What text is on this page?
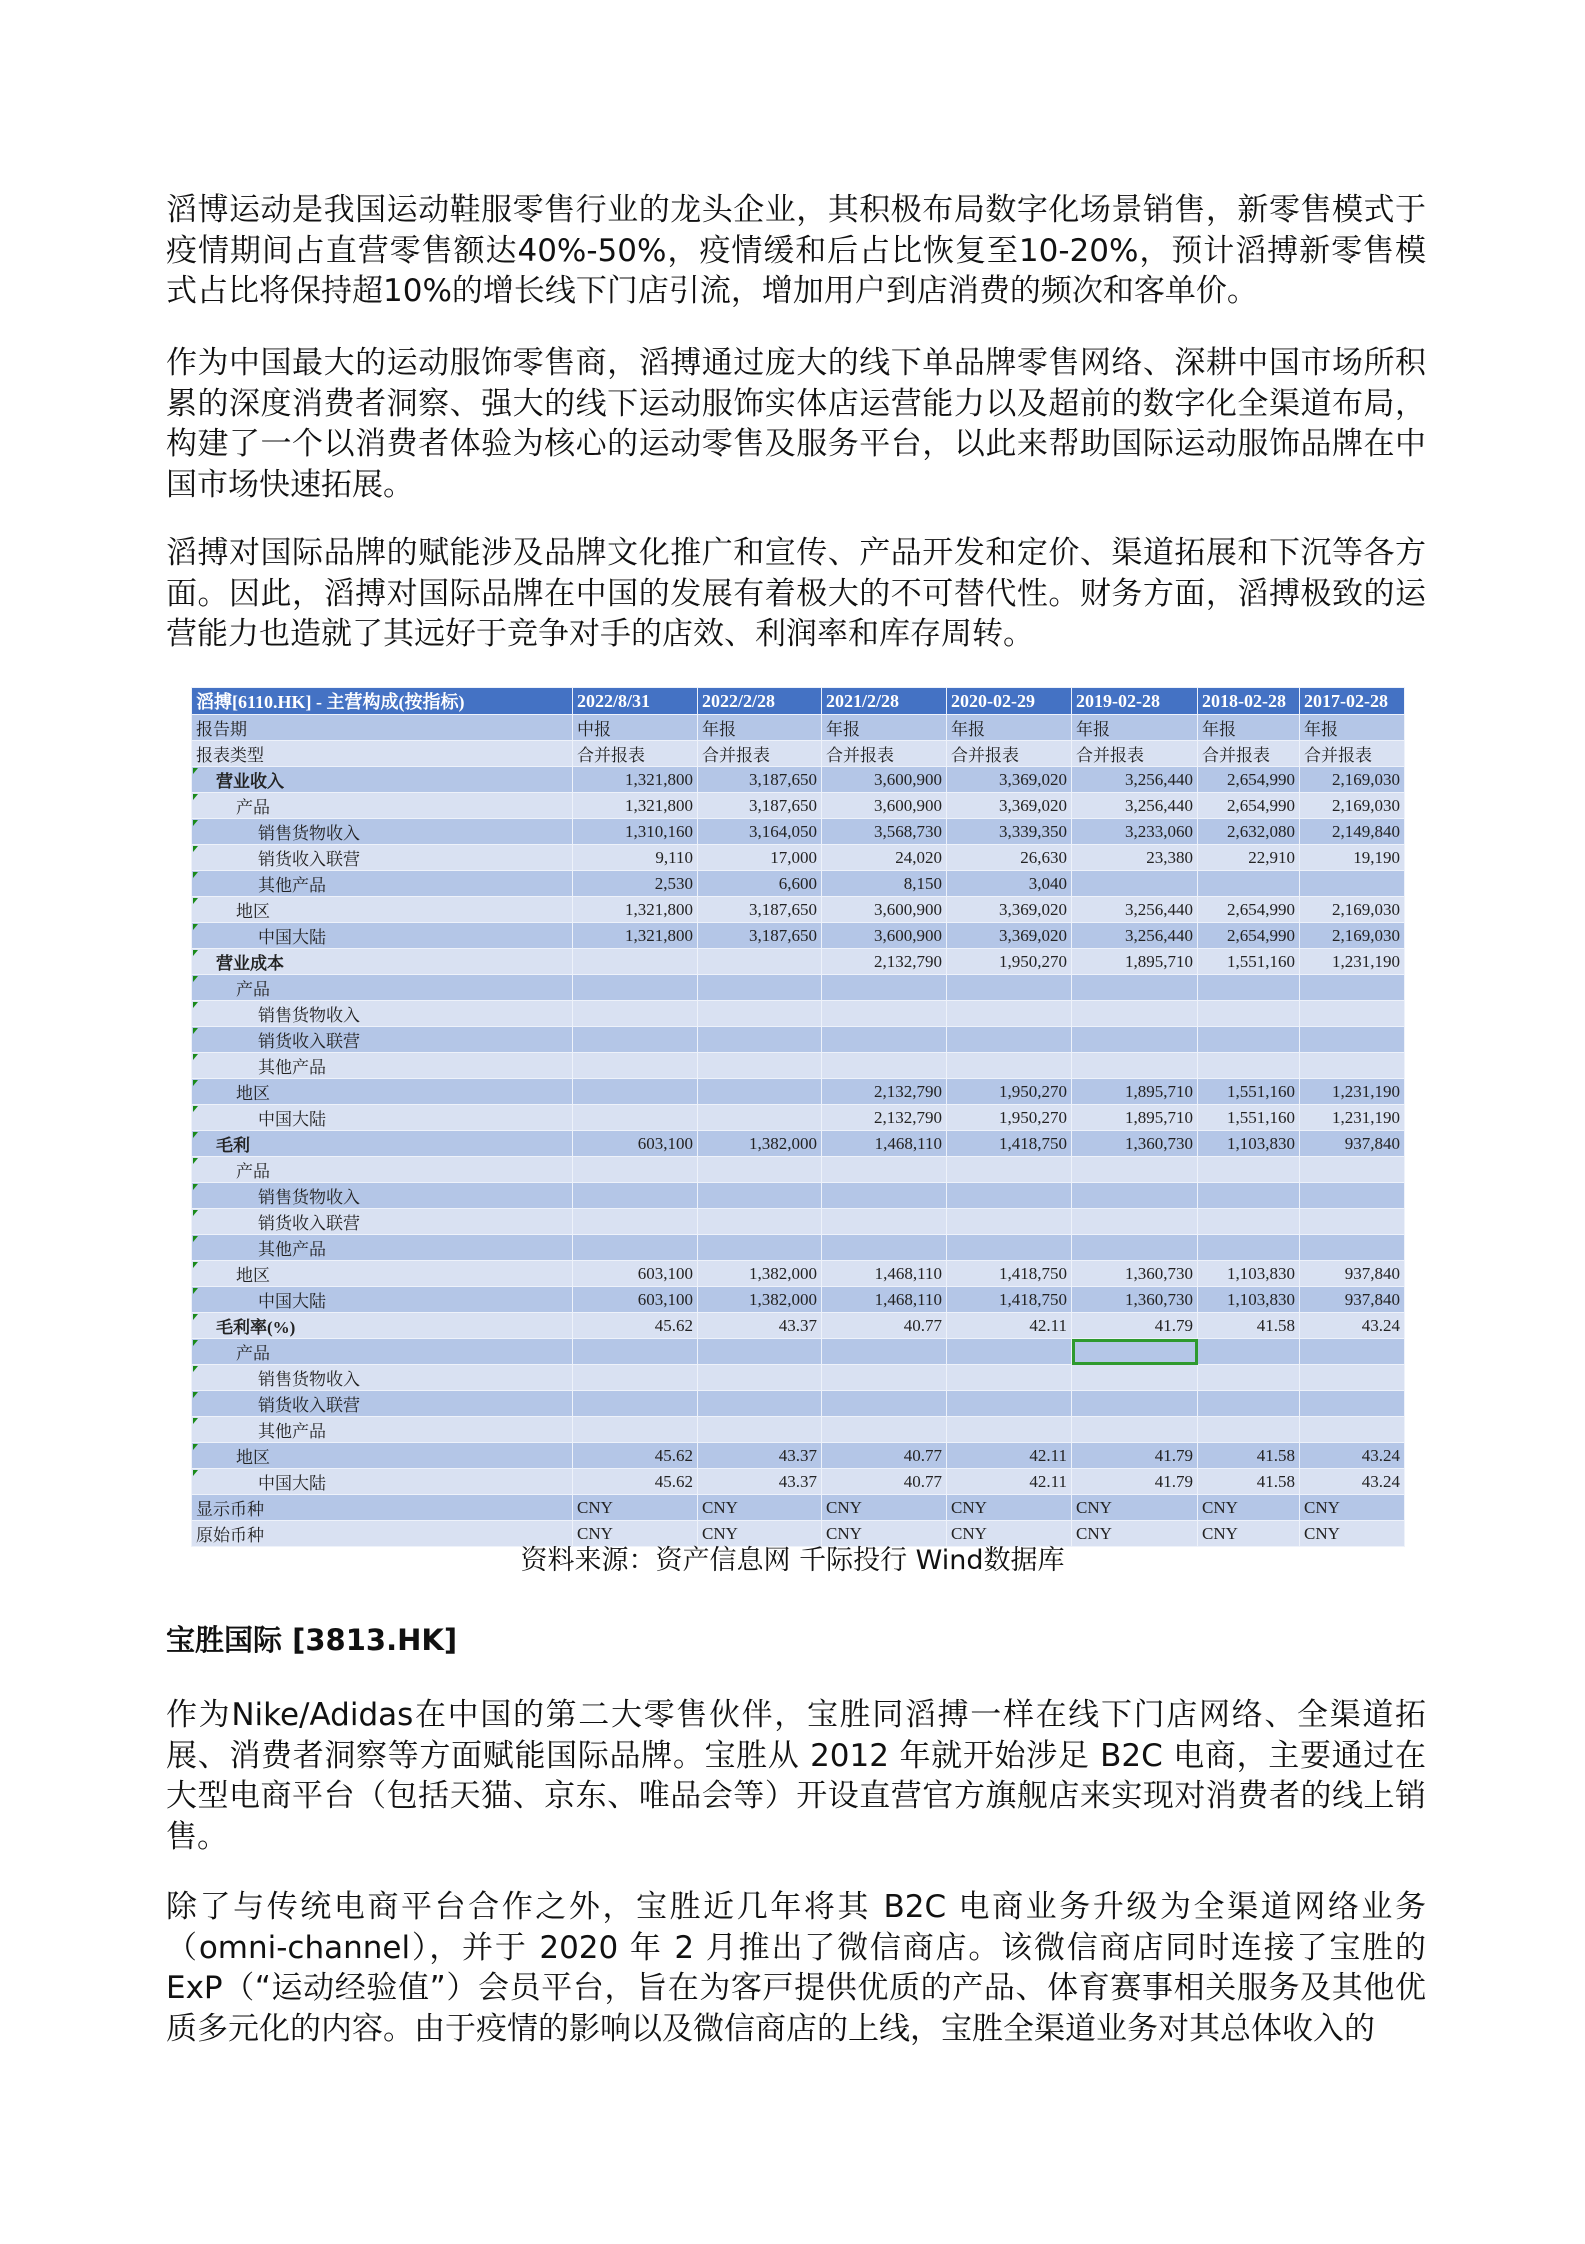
滔博运动是我国运动鞋服零售行业的龙头企业，其积极布局数字化场景销售，新零售模式于疫情期间占直营零售额达40%-50%，疫情缓和后占比恢复至10-20%，预计滔搏新零售模式占比将保持超10%的增长线下门店引流，增加用户到店消费的频次和客单价。
作为中国最大的运动服饰零售商，滔搏通过庞大的线下单品牌零售网络、深耕中国市场所积累的深度消费者洞察、强大的线下运动服饰实体店运营能力以及超前的数字化全渠道布局，构建了一个以消费者体验为核心的运动零售及服务平台，以此来帮助国际运动服饰品牌在中国市场快速拓展。
滔搏对国际品牌的赋能涉及品牌文化推广和宣传、产品开发和定价、渠道拓展和下沉等各方面。因此，滔搏对国际品牌在中国的发展有着极大的不可替代性。财务方面，滔搏极致的运营能力也造就了其远好于竞争对手的店效、利润率和库存周转。
滔搏[6110.HK] - 主营构成(按指标)	2022/8/31	2022/2/28	2021/2/28	2020-02-29	2019-02-28	2018-02-28	2017-02-28
报告期	中报	年报	年报	年报	年报	年报	年报
报表类型	合并报表	合并报表	合并报表	合并报表	合并报表	合并报表	合并报表
营业收入	1,321,800	3,187,650	3,600,900	3,369,020	3,256,440	2,654,990	2,169,030
产品	1,321,800	3,187,650	3,600,900	3,369,020	3,256,440	2,654,990	2,169,030
销售货物收入	1,310,160	3,164,050	3,568,730	3,339,350	3,233,060	2,632,080	2,149,840
销货收入联营	9,110	17,000	24,020	26,630	23,380	22,910	19,190
其他产品	2,530	6,600	8,150	3,040			
地区	1,321,800	3,187,650	3,600,900	3,369,020	3,256,440	2,654,990	2,169,030
中国大陆	1,321,800	3,187,650	3,600,900	3,369,020	3,256,440	2,654,990	2,169,030
营业成本			2,132,790	1,950,270	1,895,710	1,551,160	1,231,190
产品							
销售货物收入							
销货收入联营							
其他产品							
地区			2,132,790	1,950,270	1,895,710	1,551,160	1,231,190
中国大陆			2,132,790	1,950,270	1,895,710	1,551,160	1,231,190
毛利	603,100	1,382,000	1,468,110	1,418,750	1,360,730	1,103,830	937,840
产品							
销售货物收入							
销货收入联营							
其他产品							
地区	603,100	1,382,000	1,468,110	1,418,750	1,360,730	1,103,830	937,840
中国大陆	603,100	1,382,000	1,468,110	1,418,750	1,360,730	1,103,830	937,840
毛利率(%)	45.62	43.37	40.77	42.11	41.79	41.58	43.24
产品							
销售货物收入							
销货收入联营							
其他产品							
地区	45.62	43.37	40.77	42.11	41.79	41.58	43.24
中国大陆	45.62	43.37	40.77	42.11	41.79	41.58	43.24
显示币种	CNY	CNY	CNY	CNY	CNY	CNY	CNY
原始币种	CNY	CNY	CNY	CNY	CNY	CNY	CNY
资料来源：资产信息网 千际投行 Wind数据库
宝胜国际 [3813.HK]
作为Nike/Adidas在中国的第二大零售伙伴，宝胜同滔搏一样在线下门店网络、全渠道拓展、消费者洞察等方面赋能国际品牌。宝胜从 2012 年就开始涉足 B2C 电商，主要通过在大型电商平台（包括天猫、京东、唯品会等）开设直营官方旗舰店来实现对消费者的线上销售。
除了与传统电商平台合作之外，宝胜近几年将其 B2C 电商业务升级为全渠道网络业务（omni-channel），并于 2020 年 2 月推出了微信商店。该微信商店同时连接了宝胜的 ExP（“运动经验值”）会员平台，旨在为客戸提供优质的产品、体育赛事相关服务及其他优质多元化的内容。由于疫情的影响以及微信商店的上线，宝胜全渠道业务对其总体收入的
